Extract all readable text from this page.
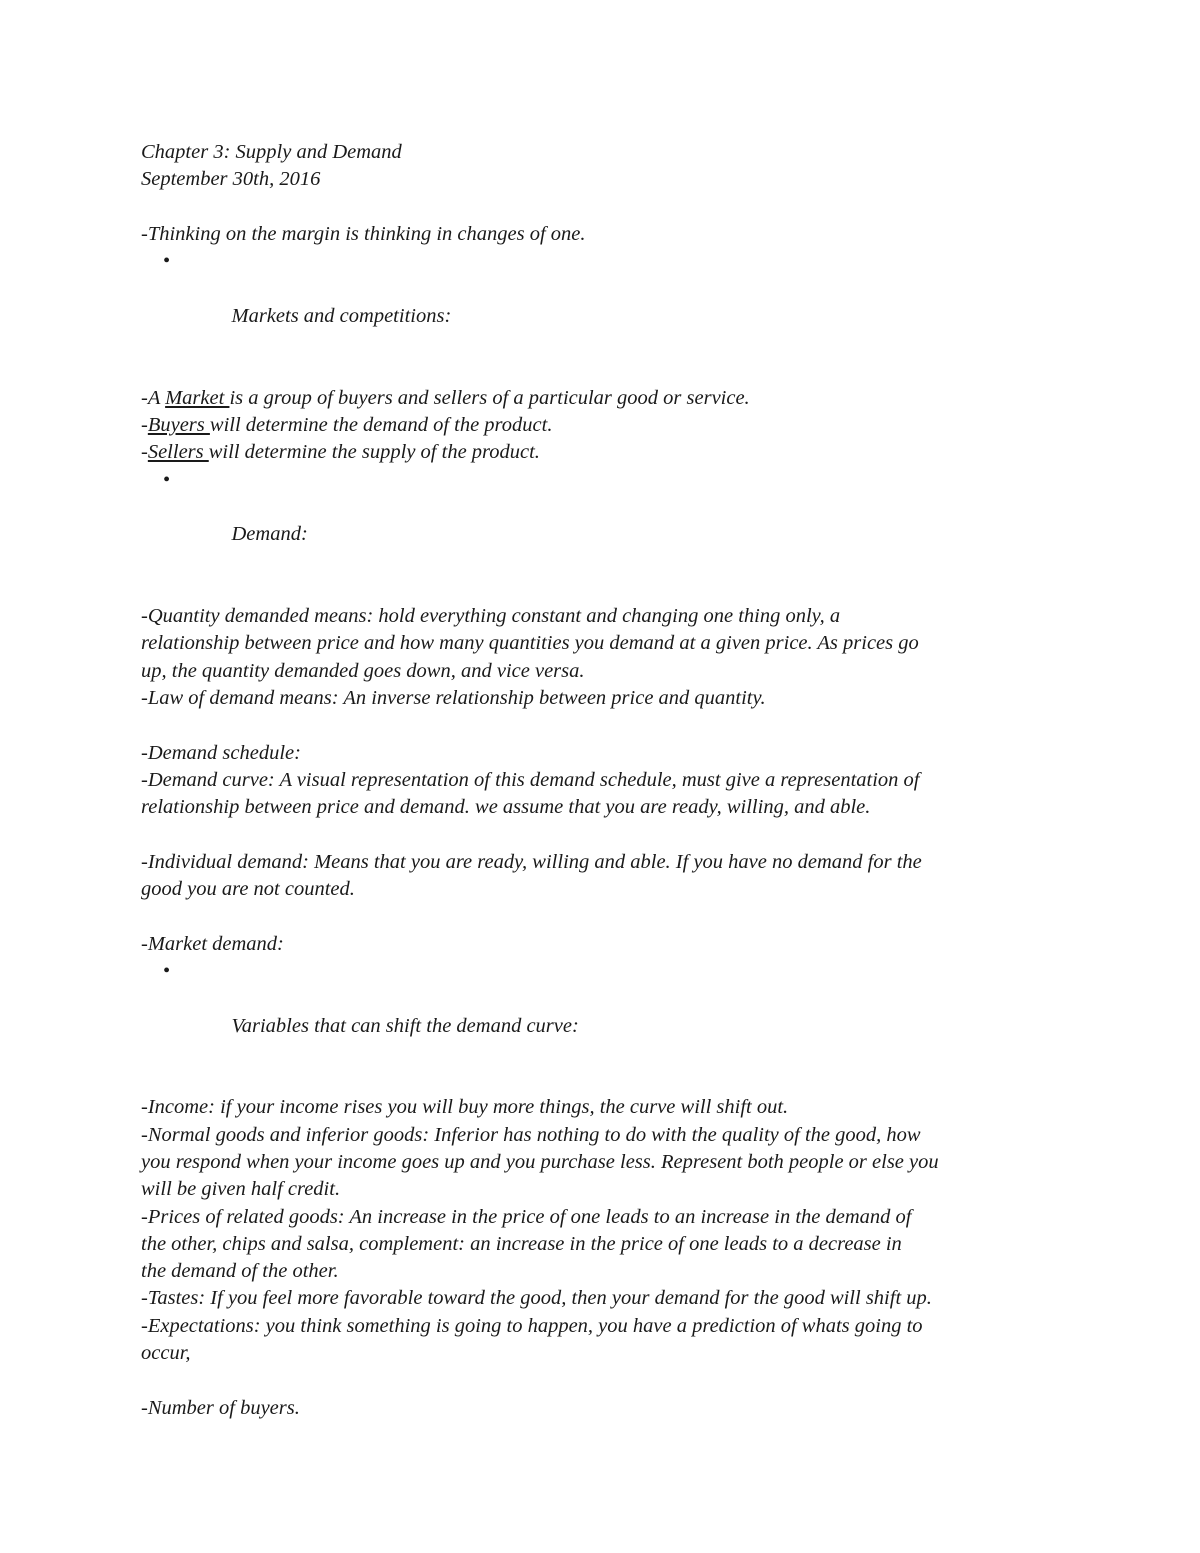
Chapter 3: Supply and Demand
September 30th, 2016
-Thinking on the margin is thinking in changes of one.

•

Markets and competitions:

-A Market is a group of buyers and sellers of a particular good or service.
-Buyers will determine the demand of the product.
-Sellers will determine the supply of the product.

•

Demand:

-Quantity demanded means: hold everything constant and changing one thing only, a
relationship between price and how many quantities you demand at a given price. As prices go
up, the quantity demanded goes down, and vice versa.
-Law of demand means: An inverse relationship between price and quantity.
-Demand schedule:
-Demand curve: A visual representation of this demand schedule, must give a representation of
relationship between price and demand. we assume that you are ready, willing, and able.
-Individual demand: Means that you are ready, willing and able. If you have no demand for the
good you are not counted.
-Market demand:

•

Variables that can shift the demand curve:

-Income: if your income rises you will buy more things, the curve will shift out.
-Normal goods and inferior goods: Inferior has nothing to do with the quality of the good, how
you respond when your income goes up and you purchase less. Represent both people or else you
will be given half credit.
-Prices of related goods: An increase in the price of one leads to an increase in the demand of
the other, chips and salsa, complement: an increase in the price of one leads to a decrease in
the demand of the other.
-Tastes: If you feel more favorable toward the good, then your demand for the good will shift up.
-Expectations: you think something is going to happen, you have a prediction of whats going to
occur,
-Number of buyers.
